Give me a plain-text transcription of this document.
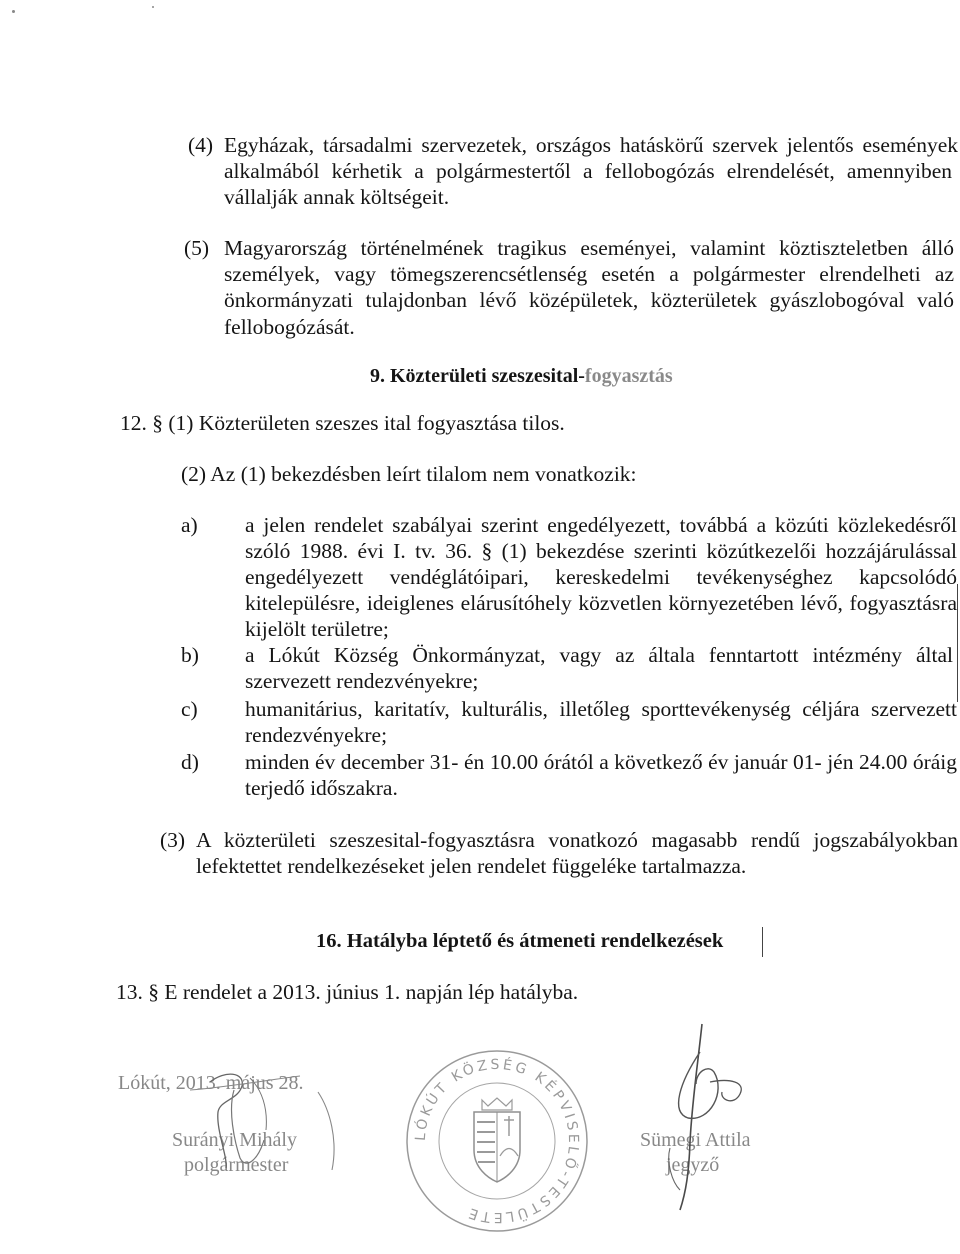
(4) Egyházak, társadalmi szervezetek, országos hatáskörű szervek jelentős események
alkalmából kérhetik a polgármestertől a fellobogózás elrendelését, amennyiben
vállalják annak költségeit.
(5) Magyarország történelmének tragikus eseményei, valamint köztiszteletben álló
személyek, vagy tömegszerencsétlenség esetén a polgármester elrendelheti az
önkormányzati tulajdonban lévő középületek, közterületek gyászlobogóval való
fellobogózását.
9. Közterületi szeszesital-fogyasztás
12. § (1) Közterületen szeszes ital fogyasztása tilos.
(2) Az (1) bekezdésben leírt tilalom nem vonatkozik:
a) a jelen rendelet szabályai szerint engedélyezett, továbbá a közúti közlekedésről
szóló 1988. évi I. tv. 36. § (1) bekezdése szerinti közútkezelői hozzájárulással
engedélyezett vendéglátóipari, kereskedelmi tevékenységhez kapcsolódó
kitelepülésre, ideiglenes elárusítóhely közvetlen környezetében lévő, fogyasztásra
kijelölt területre;
b) a Lókút Község Önkormányzat, vagy az általa fenntartott intézmény által
szervezett rendezvényekre;
c) humanitárius, karitatív, kulturális, illetőleg sporttevékenység céljára szervezett
rendezvényekre;
d) minden év december 31- én 10.00 órától a következő év január 01- jén 24.00 óráig
terjedő időszakra.
(3) A közterületi szeszesital-fogyasztásra vonatkozó magasabb rendű jogszabályokban
lefektettet rendelkezéseket jelen rendelet függeléke tartalmazza.
16. Hatályba léptető és átmeneti rendelkezések
13. § E rendelet a 2013. június 1. napján lép hatályba.
Lókút, 2013. május 28.
Surányi Mihály
polgármester
Sümegi Attila
jegyző
LÓKÚT KÖZSÉG KÉPVISELŐ-TESTÜLETE
